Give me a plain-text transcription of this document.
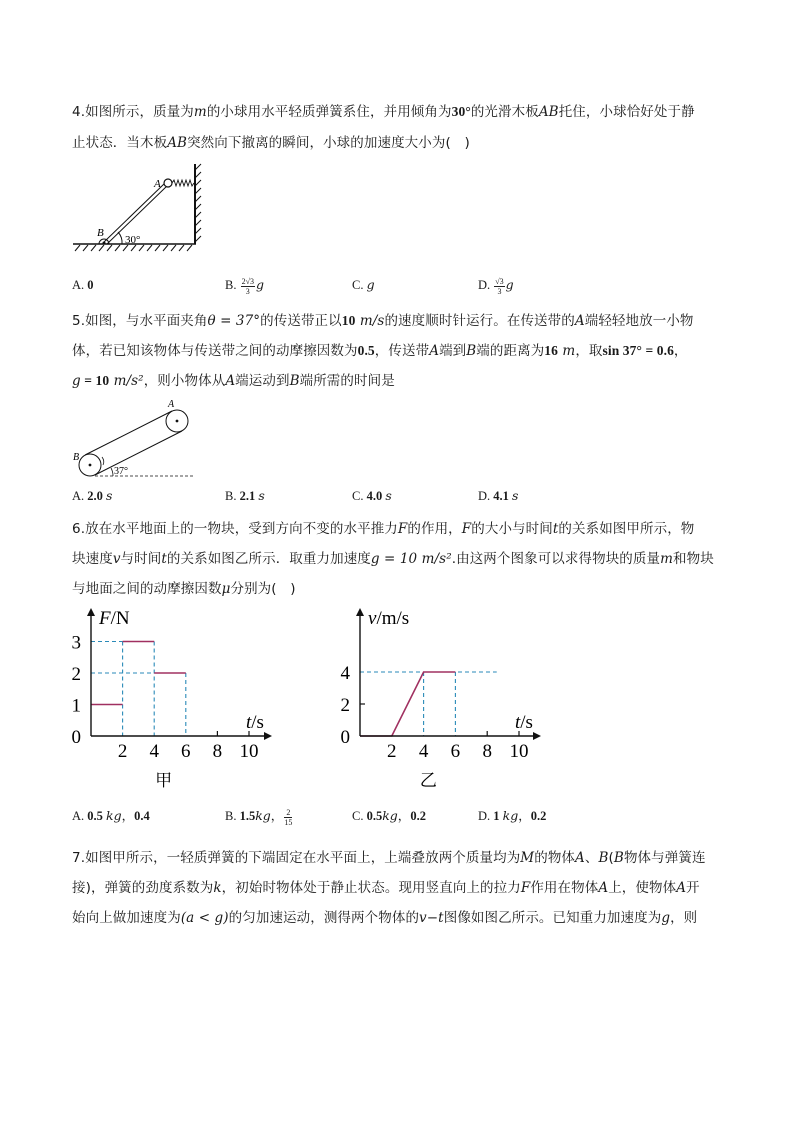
4.如图所示，质量为m的小球用水平轻质弹簧系住，并用倾角为30°的光滑木板AB托住，小球恰好处于静
止状态．当木板AB突然向下撤离的瞬间，小球的加速度大小为(　)
A
B
30°
A. 0	B. $\frac{2√3}{3}$ g	C. g	D. $\frac{√3}{3}$ g
5.如图，与水平面夹角θ = 37°的传送带正以10 m/s的速度顺时针运行。在传送带的A端轻轻地放一小物
体，若已知该物体与传送带之间的动摩擦因数为0.5，传送带A端到B端的距离为16 m，取sin 37° = 0.6，
g = 10 m/s²，则小物体从A端运动到B端所需的时间是
A
B
37°
A. 2.0 s	B. 2.1 s	C. 4.0 s	D. 4.1 s
6.放在水平地面上的一物块，受到方向不变的水平推力F的作用，F的大小与时间t的关系如图甲所示，物
块速度v与时间t的关系如图乙所示．取重力加速度g = 10 m/s².由这两个图象可以求得物块的质量m和物块
与地面之间的动摩擦因数μ分别为(　)
2 4 6 8 10
1
2
3
F/N
t/s
0
甲
2 4 6 8 10
2
4
v/m/s
t/s
0
乙
A. 0.5 kg，0.4	B. 1.5kg， $\frac{2}{15}$	C. 0.5kg，0.2	D. 1 kg，0.2
7.如图甲所示，一轻质弹簧的下端固定在水平面上，上端叠放两个质量均为M的物体A、B(B物体与弹簧连
接)，弹簧的劲度系数为k，初始时物体处于静止状态。现用竖直向上的拉力F作用在物体A上，使物体A开
始向上做加速度为(a < g)的匀加速运动，测得两个物体的v−t图像如图乙所示。已知重力加速度为g，则
